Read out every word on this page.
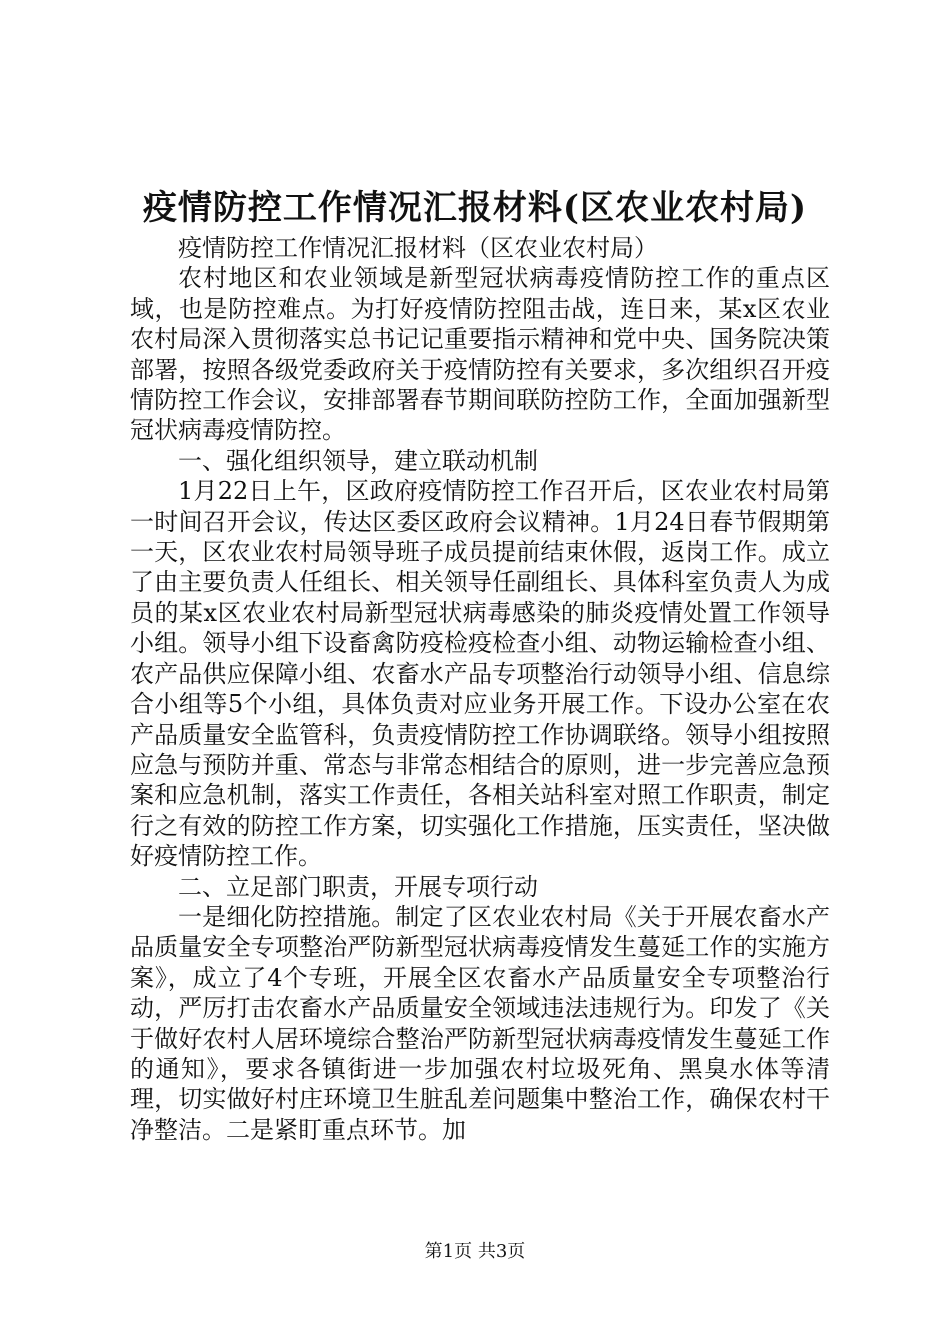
疫情防控工作情况汇报材料(区农业农村局)

疫情防控工作情况汇报材料（区农业农村局）

农村地区和农业领域是新型冠状病毒疫情防控工作的重点区域，也是防控难点。为打好疫情防控阻击战，连日来，某x区农业农村局深入贯彻落实总书记记重要指示精神和党中央、国务院决策部署，按照各级党委政府关于疫情防控有关要求，多次组织召开疫情防控工作会议，安排部署春节期间联防控防工作，全面加强新型冠状病毒疫情防控。

一、强化组织领导，建立联动机制

1月22日上午，区政府疫情防控工作召开后，区农业农村局第一时间召开会议，传达区委区政府会议精神。1月24日春节假期第一天，区农业农村局领导班子成员提前结束休假，返岗工作。成立了由主要负责人任组长、相关领导任副组长、具体科室负责人为成员的某x区农业农村局新型冠状病毒感染的肺炎疫情处置工作领导小组。领导小组下设畜禽防疫检疫检查小组、动物运输检查小组、农产品供应保障小组、农畜水产品专项整治行动领导小组、信息综合小组等5个小组，具体负责对应业务开展工作。下设办公室在农产品质量安全监管科，负责疫情防控工作协调联络。领导小组按照应急与预防并重、常态与非常态相结合的原则，进一步完善应急预案和应急机制，落实工作责任，各相关站科室对照工作职责，制定行之有效的防控工作方案，切实强化工作措施，压实责任，坚决做好疫情防控工作。

二、立足部门职责，开展专项行动

一是细化防控措施。制定了区农业农村局《关于开展农畜水产品质量安全专项整治严防新型冠状病毒疫情发生蔓延工作的实施方案》，成立了4个专班，开展全区农畜水产品质量安全专项整治行动，严厉打击农畜水产品质量安全领域违法违规行为。印发了《关于做好农村人居环境综合整治严防新型冠状病毒疫情发生蔓延工作的通知》，要求各镇街进一步加强农村垃圾死角、黑臭水体等清理，切实做好村庄环境卫生脏乱差问题集中整治工作，确保农村干净整洁。二是紧盯重点环节。加

第1页 共3页
